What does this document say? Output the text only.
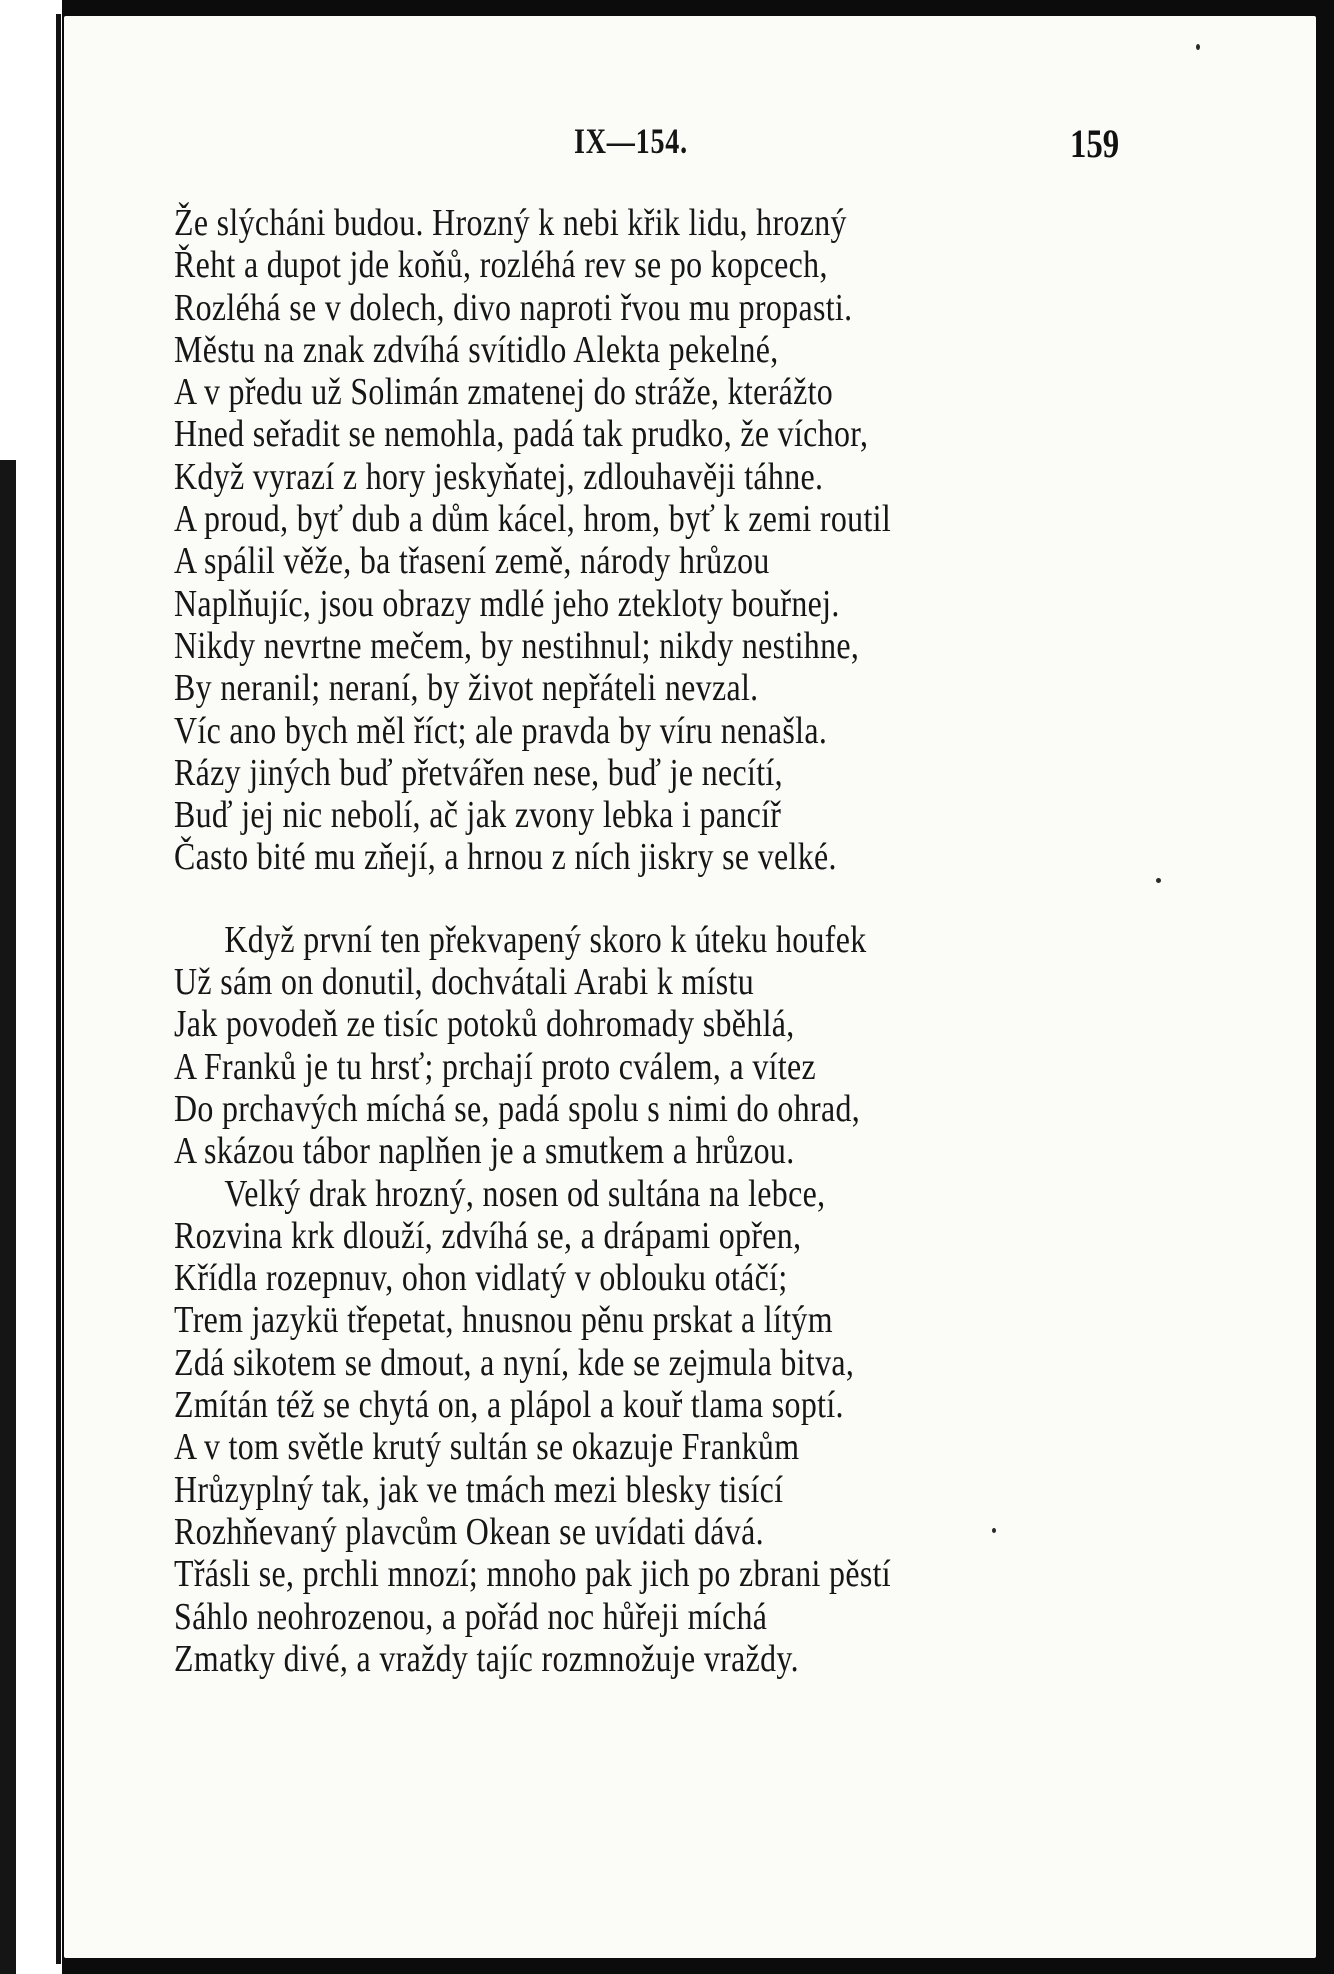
IX—154.	159
Že slýcháni budou. Hrozný k nebi křik lidu, hrozný
Řeht a dupot jde koňů, rozléhá rev se po kopcech,
Rozléhá se v dolech, divo naproti řvou mu propasti.
Městu na znak zdvíhá svítidlo Alekta pekelné,
A v předu už Solimán zmatenej do stráže, kterážto
Hned seřadit se nemohla, padá tak prudko, že víchor,
Když vyrazí z hory jeskyňatej, zdlouhavěji táhne.
A proud, byť dub a dům kácel, hrom, byť k zemi routil
A spálil věže, ba třasení země, národy hrůzou
Naplňujíc, jsou obrazy mdlé jeho ztekloty bouřnej.
Nikdy nevrtne mečem, by nestihnul; nikdy nestihne,
By neranil; neraní, by život nepřáteli nevzal.
Víc ano bych měl říct; ale pravda by víru nenašla.
Rázy jiných buď přetvářen nese, buď je necítí,
Buď jej nic nebolí, ač jak zvony lebka i pancíř
Často bité mu zňejí, a hrnou z ních jiskry se velké.
Když první ten překvapený skoro k úteku houfek
Už sám on donutil, dochvátali Arabi k místu
Jak povodeň ze tisíc potoků dohromady sběhlá,
A Franků je tu hrsť; prchají proto cválem, a vítez
Do prchavých míchá se, padá spolu s nimi do ohrad,
A skázou tábor naplňen je a smutkem a hrůzou.
Velký drak hrozný, nosen od sultána na lebce,
Rozvina krk dlouží, zdvíhá se, a drápami opřen,
Křídla rozepnuv, ohon vidlatý v oblouku otáčí;
Trem jazykü třepetat, hnusnou pěnu prskat a lítým
Zdá sikotem se dmout, a nyní, kde se zejmula bitva,
Zmítán též se chytá on, a plápol a kouř tlama soptí.
A v tom světle krutý sultán se okazuje Frankům
Hrůzyplný tak, jak ve tmách mezi blesky tisící
Rozhňevaný plavcům Okean se uvídati dává.
Třásli se, prchli mnozí; mnoho pak jich po zbrani pěstí
Sáhlo neohrozenou, a pořád noc hůřeji míchá
Zmatky divé, a vraždy tajíc rozmnožuje vraždy.
